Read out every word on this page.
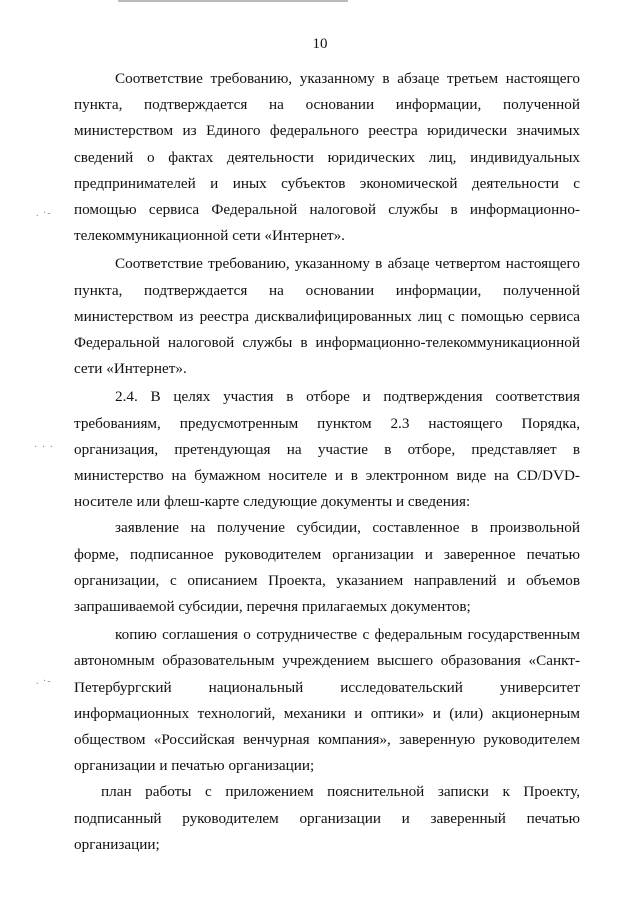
10

Соответствие требованию, указанному в абзаце третьем настоящего пункта, подтверждается на основании информации, полученной министерством из Единого федерального реестра юридически значимых сведений о фактах деятельности юридических лиц, индивидуальных предпринимателей и иных субъектов экономической деятельности с помощью сервиса Федеральной налоговой службы в информационно-телекоммуникационной сети «Интернет».

Соответствие требованию, указанному в абзаце четвертом настоящего пункта, подтверждается на основании информации, полученной министерством из реестра дисквалифицированных лиц с помощью сервиса Федеральной налоговой службы в информационно-телекоммуникационной сети «Интернет».

2.4. В целях участия в отборе и подтверждения соответствия требованиям, предусмотренным пунктом 2.3 настоящего Порядка, организация, претендующая на участие в отборе, представляет в министерство на бумажном носителе и в электронном виде на CD/DVD-носителе или флеш-карте следующие документы и сведения:

заявление на получение субсидии, составленное в произвольной форме, подписанное руководителем организации и заверенное печатью организации, с описанием Проекта, указанием направлений и объемов запрашиваемой субсидии, перечня прилагаемых документов;

копию соглашения о сотрудничестве с федеральным государственным автономным образовательным учреждением высшего образования «Санкт-Петербургский национальный исследовательский университет информационных технологий, механики и оптики» и (или) акционерным обществом «Российская венчурная компания», заверенную руководителем организации и печатью организации;

план работы с приложением пояснительной записки к Проекту, подписанный руководителем организации и заверенный печатью организации;

. ·‑
· · ·
. ·‑
